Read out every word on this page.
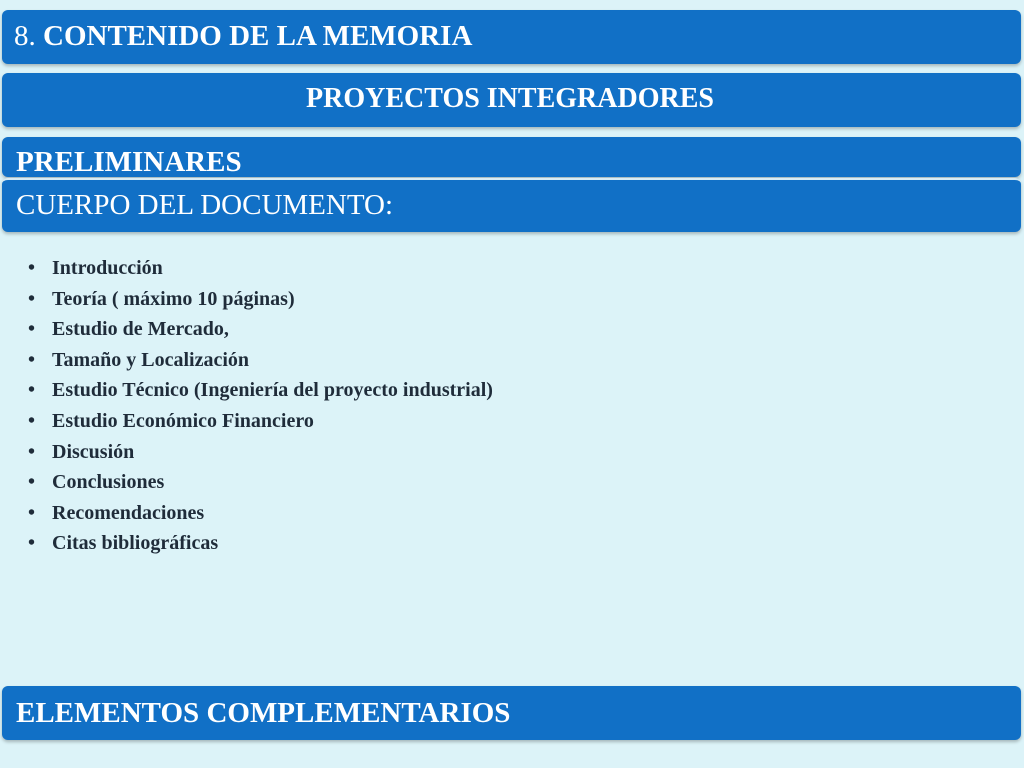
8. CONTENIDO DE LA MEMORIA
PROYECTOS INTEGRADORES
PRELIMINARES
CUERPO DEL DOCUMENTO:
• Introducción
• Teoría ( máximo 10 páginas)
• Estudio de Mercado,
• Tamaño y Localización
• Estudio Técnico (Ingeniería del proyecto industrial)
• Estudio Económico Financiero
• Discusión
• Conclusiones
• Recomendaciones
• Citas bibliográficas
ELEMENTOS COMPLEMENTARIOS
